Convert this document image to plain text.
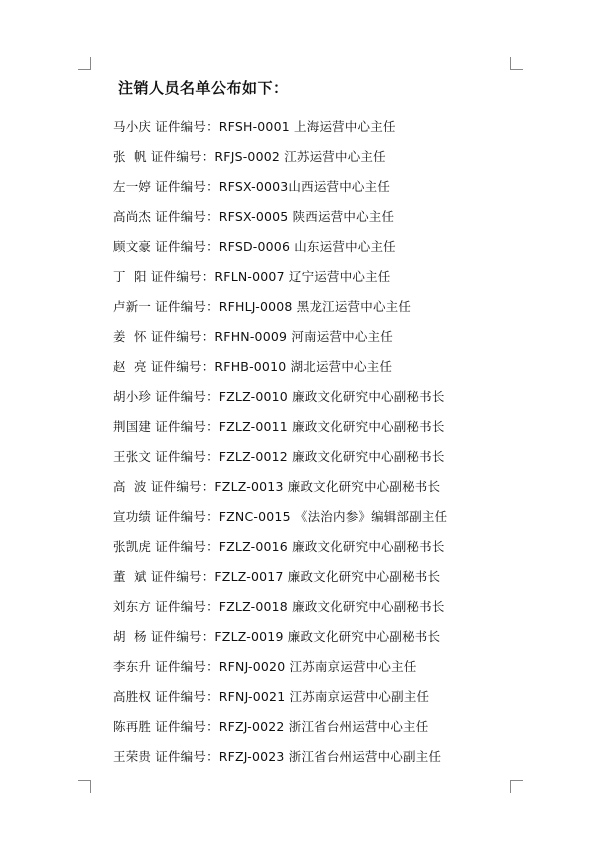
注销人员名单公布如下：
马小庆 证件编号：RFSH-0001 上海运营中心主任
张  帆 证件编号：RFJS-0002 江苏运营中心主任
左一婷 证件编号：RFSX-0003山西运营中心主任
高尚杰 证件编号：RFSX-0005 陕西运营中心主任
顾文豪 证件编号：RFSD-0006 山东运营中心主任
丁  阳 证件编号：RFLN-0007 辽宁运营中心主任
卢新一 证件编号：RFHLJ-0008 黑龙江运营中心主任
姜  怀 证件编号：RFHN-0009 河南运营中心主任
赵  亮 证件编号：RFHB-0010 湖北运营中心主任
胡小珍 证件编号：FZLZ-0010 廉政文化研究中心副秘书长
荆国建 证件编号：FZLZ-0011 廉政文化研究中心副秘书长
王张文 证件编号：FZLZ-0012 廉政文化研究中心副秘书长
高  波 证件编号：FZLZ-0013 廉政文化研究中心副秘书长
宣功绩 证件编号：FZNC-0015 《法治内参》编辑部副主任
张凯虎 证件编号：FZLZ-0016 廉政文化研究中心副秘书长
董  斌 证件编号：FZLZ-0017 廉政文化研究中心副秘书长
刘东方 证件编号：FZLZ-0018 廉政文化研究中心副秘书长
胡  杨 证件编号：FZLZ-0019 廉政文化研究中心副秘书长
李东升 证件编号：RFNJ-0020 江苏南京运营中心主任
高胜权 证件编号：RFNJ-0021 江苏南京运营中心副主任
陈再胜 证件编号：RFZJ-0022 浙江省台州运营中心主任
王荣贵 证件编号：RFZJ-0023 浙江省台州运营中心副主任
